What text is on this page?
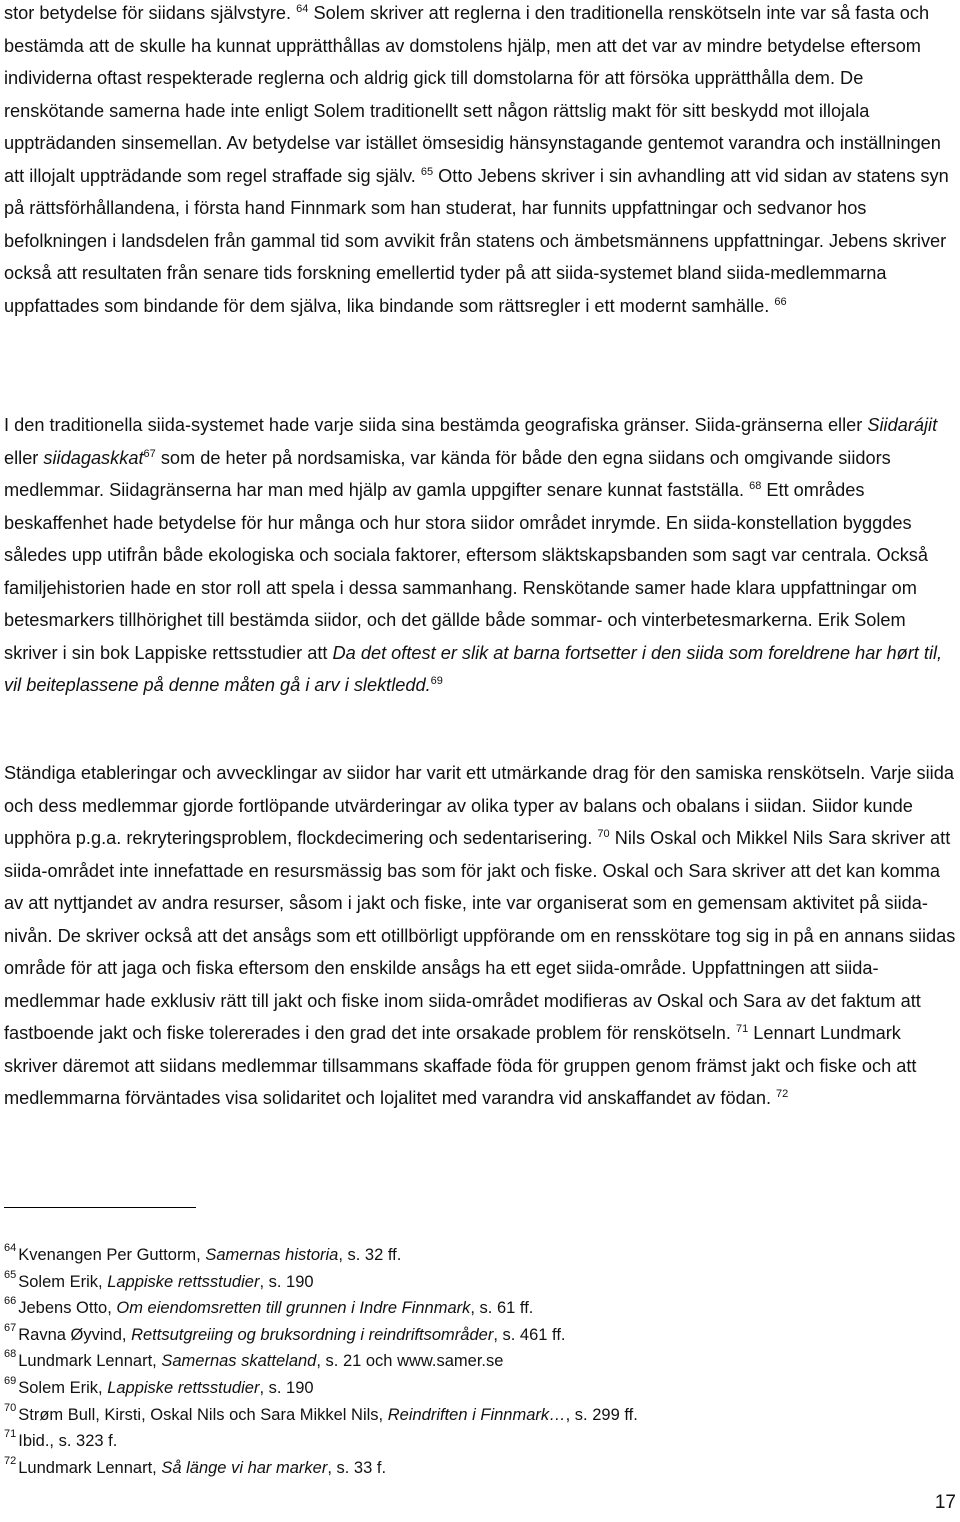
stor betydelse för siidans självstyre. $^{64}$ Solem skriver att reglerna i den traditionella renskötseln inte var så fasta och bestämda att de skulle ha kunnat upprätthållas av domstolens hjälp, men att det var av mindre betydelse eftersom individerna oftast respekterade reglerna och aldrig gick till domstolarna för att försöka upprätthålla dem. De renskötande samerna hade inte enligt Solem traditionellt sett någon rättslig makt för sitt beskydd mot illojala uppträdanden sinsemellan. Av betydelse var istället ömsesidig hänsynstagande gentemot varandra och inställningen att illojalt uppträdande som regel straffade sig själv. $^{65}$ Otto Jebens skriver i sin avhandling att vid sidan av statens syn på rättsförhållandena, i första hand Finnmark som han studerat, har funnits uppfattningar och sedvanor hos befolkningen i landsdelen från gammal tid som avvikit från statens och ämbetsmännens uppfattningar. Jebens skriver också att resultaten från senare tids forskning emellertid tyder på att siida-systemet bland siida-medlemmarna uppfattades som bindande för dem själva, lika bindande som rättsregler i ett modernt samhälle. $^{66}$

I den traditionella siida-systemet hade varje siida sina bestämda geografiska gränser. Siida-gränserna eller Siidarájit eller siidagaskkat$^{67}$ som de heter på nordsamiska, var kända för både den egna siidans och omgivande siidors medlemmar. Siidagränserna har man med hjälp av gamla uppgifter senare kunnat fastställa. $^{68}$ Ett områdes beskaffenhet hade betydelse för hur många och hur stora siidor området inrymde. En siida-konstellation byggdes således upp utifrån både ekologiska och sociala faktorer, eftersom släktskapsbanden som sagt var centrala. Också familjehistorien hade en stor roll att spela i dessa sammanhang. Renskötande samer hade klara uppfattningar om betesmarkers tillhörighet till bestämda siidor, och det gällde både sommar- och vinterbetesmarkerna. Erik Solem skriver i sin bok Lappiske rettsstudier att Da det oftest er slik at barna fortsetter i den siida som foreldrene har hørt til, vil beiteplassene på denne måten gå i arv i slektledd.$^{69}$

Ständiga etableringar och avvecklingar av siidor har varit ett utmärkande drag för den samiska renskötseln. Varje siida och dess medlemmar gjorde fortlöpande utvärderingar av olika typer av balans och obalans i siidan. Siidor kunde upphöra p.g.a. rekryteringsproblem, flockdecimering och sedentarisering. $^{70}$ Nils Oskal och Mikkel Nils Sara skriver att siida-området inte innefattade en resursmässig bas som för jakt och fiske. Oskal och Sara skriver att det kan komma av att nyttjandet av andra resurser, såsom i jakt och fiske, inte var organiserat som en gemensam aktivitet på siida-nivån. De skriver också att det ansågs som ett otillbörligt uppförande om en rensskötare tog sig in på en annans siidas område för att jaga och fiska eftersom den enskilde ansågs ha ett eget siida-område. Uppfattningen att siida-medlemmar hade exklusiv rätt till jakt och fiske inom siida-området modifieras av Oskal och Sara av det faktum att fastboende jakt och fiske tolererades i den grad det inte orsakade problem för renskötseln. $^{71}$ Lennart Lundmark skriver däremot att siidans medlemmar tillsammans skaffade föda för gruppen genom främst jakt och fiske och att medlemmarna förväntades visa solidaritet och lojalitet med varandra vid anskaffandet av födan. $^{72}$

$^{64}$ Kvenangen Per Guttorm, Samernas historia, s. 32 ff.
$^{65}$ Solem Erik, Lappiske rettsstudier, s. 190
$^{66}$ Jebens Otto, Om eiendomsretten till grunnen i Indre Finnmark, s. 61 ff.
$^{67}$ Ravna Øyvind, Rettsutgreiing og bruksordning i reindriftsområder, s. 461 ff.
$^{68}$ Lundmark Lennart, Samernas skatteland, s. 21 och www.samer.se
$^{69}$ Solem Erik, Lappiske rettsstudier, s. 190
$^{70}$ Strøm Bull, Kirsti, Oskal Nils och Sara Mikkel Nils, Reindriften i Finnmark…, s. 299 ff.
$^{71}$ Ibid., s. 323 f.
$^{72}$ Lundmark Lennart, Så länge vi har marker, s. 33 f.
17
